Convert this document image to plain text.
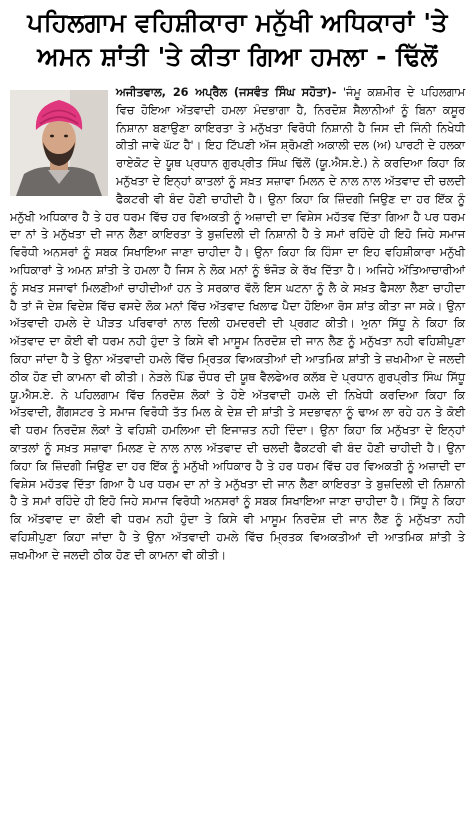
ਪਹਿਲਗਾਮ ਵਹਿਸ਼ੀਕਾਰਾ ਮਨੁੱਖੀ ਅਧਿਕਾਰਾਂ 'ਤੇ
ਅਮਨ ਸ਼ਾਂਤੀ 'ਤੇ ਕੀਤਾ ਗਿਆ ਹਮਲਾ - ਢਿੱਲੋਂ
ਅਜੀਤਵਾਲ, 26 ਅਪ੍ਰੈਲ (ਜਸਵੰਤ ਸਿੰਘ ਸਹੋਤਾ)- 'ਜੰਮੂ ਕਸ਼ਮੀਰ ਦੇ ਪਹਿਲਗਾਮ ਵਿਚ ਹੋਇਆ ਅੱਤਵਾਦੀ ਹਮਲਾ ਮੰਦਭਾਗਾ ਹੈ, ਨਿਰਦੋਸ਼ ਸੈਲਾਨੀਆਂ ਨੂੰ ਬਿਨਾ ਕਸੂਰ ਨਿਸ਼ਾਨਾ ਬਣਾਉਣਾ ਕਾਇਰਤਾ ਤੇ ਮਨੁੱਖਤਾ ਵਿਰੋਧੀ ਨਿਸ਼ਾਨੀ ਹੈ ਜਿਸ ਦੀ ਜਿੰਨੀ ਨਿਖੇਧੀ ਕੀਤੀ ਜਾਵੇ ਘੱਟ ਹੈ'। ਇਹ ਟਿੱਪਣੀ ਅੱਜ ਸ਼੍ਰੋਮਣੀ ਅਕਾਲੀ ਦਲ (ਅ) ਪਾਰਟੀ ਦੇ ਹਲਕਾ ਰਾਏਕੋਟ ਦੇ ਯੂਥ ਪ੍ਰਧਾਨ ਗੁਰਪ੍ਰੀਤ ਸਿੰਘ ਢਿੱਲੋਂ (ਯੂ.ਐਸ.ਏ.) ਨੇ ਕਰਦਿਆ ਕਿਹਾ ਕਿ ਮਨੁੱਖਤਾ ਦੇ ਇਨ੍ਹਾਂ ਕਾਤਲਾਂ ਨੂੰ ਸਖ਼ਤ ਸਜ਼ਾਵਾ ਮਿਲਨ ਦੇ ਨਾਲ ਨਾਲ ਅੱਤਵਾਦ ਦੀ ਚਲਦੀ ਫੈਕਟਰੀ ਵੀ ਬੰਦ ਹੋਣੀ ਚਾਹੀਦੀ ਹੈ। ਉਨਾ ਕਿਹਾ ਕਿ ਜ਼ਿੰਦਗੀ ਜਿਉਣ ਦਾ ਹਰ ਇੱਕ ਨੂੰ ਮਨੁੱਖੀ ਅਧਿਕਾਰ ਹੈ ਤੇ ਹਰ ਧਰਮ ਵਿੱਚ ਹਰ ਵਿਅਕਤੀ ਨੂੰ ਅਜ਼ਾਦੀ ਦਾ ਵਿਸ਼ੇਸ ਮਹੱਤਵ ਦਿੱਤਾ ਗਿਆ ਹੈ ਪਰ ਧਰਮ ਦਾ ਨਾਂ ਤੇ ਮਨੁੱਖਤਾ ਦੀ ਜਾਨ ਲੈਣਾ ਕਾਇਰਤਾ ਤੇ ਬੁਜ਼ਦਿਲੀ ਦੀ ਨਿਸ਼ਾਨੀ ਹੈ ਤੇ ਸਮਾਂ ਰਹਿੰਦੇ ਹੀ ਇਹੋ ਜਿਹੇ ਸਮਾਜ ਵਿਰੋਧੀ ਅਨਸਰਾਂ ਨੂੰ ਸਬਕ ਸਿਖਾਇਆ ਜਾਣਾ ਚਾਹੀਦਾ ਹੈ। ਉਨਾ ਕਿਹਾ ਕਿ ਹਿੰਸਾ ਦਾ ਇਹ ਵਹਿਸ਼ੀਕਾਰਾ ਮਨੁੱਖੀ ਅਧਿਕਾਰਾਂ ਤੇ ਅਮਨ ਸ਼ਾਂਤੀ ਤੇ ਹਮਲਾ ਹੈ ਜਿਸ ਨੇ ਲੋਕ ਮਨਾਂ ਨੂੰ ਝੰਜੋੜ ਕੇ ਰੱਖ ਦਿੱਤਾ ਹੈ। ਅਜਿਹੇ ਅੱਤਿਆਚਾਰੀਆਂ ਨੂੰ ਸਖਤ ਸਜਾਵਾਂ ਮਿਲਣੀਆਂ ਚਾਹੀਦੀਆਂ ਹਨ ਤੇ ਸਰਕਾਰ ਵੱਲੋ ਇਸ ਘਟਨਾ ਨੂੰ ਲੈ ਕੇ ਸਖ਼ਤ ਫੈਸਲਾ ਲੈਣਾ ਚਾਹੀਦਾ ਹੈ ਤਾਂ ਜੋ ਦੇਸ਼ ਵਿਦੇਸ਼ ਵਿੱਚ ਵਸਦੇ ਲੋਕ ਮਨਾਂ ਵਿੱਚ ਅੱਤਵਾਦ ਖਿਲਾਫ ਪੈਦਾ ਹੋਇਆ ਰੋਸ ਸ਼ਾਂਤ ਕੀਤਾ ਜਾ ਸਕੇ। ਉਨਾ ਅੱਤਵਾਦੀ ਹਮਲੇ ਦੇ ਪੀੜਤ ਪਰਿਵਾਰਾਂ ਨਾਲ ਦਿਲੀ ਹਮਦਰਦੀ ਦੀ ਪ੍ਰਗਟ ਕੀਤੀ। ਅੁਨਾ ਸਿੱਧੂ ਨੇ ਕਿਹਾ ਕਿ ਅੱਤਵਾਦ ਦਾ ਕੋਈ ਵੀ ਧਰਮ ਨਹੀ ਹੁੰਦਾ ਤੇ ਕਿਸੇ ਵੀ ਮਾਸੂਮ ਨਿਰਦੋਸ਼ ਦੀ ਜਾਨ ਲੈਣ ਨੂੰ ਮਨੁੱਖਤਾ ਨਹੀ ਵਹਿਸ਼ੀਪੁਣਾ ਕਿਹਾ ਜਾਂਦਾ ਹੈ ਤੇ ਉਨਾ ਅੱਤਵਾਦੀ ਹਮਲੇ ਵਿੱਚ ਮ੍ਰਿਤਕ ਵਿਅਕਤੀਆਂ ਦੀ ਆਤਮਿਕ ਸ਼ਾਂਤੀ ਤੇ ਜ਼ਖਮੀਆ ਦੇ ਜਲਦੀ ਠੀਕ ਹੋਣ ਦੀ ਕਾਮਨਾ ਵੀ ਕੀਤੀ। ਨੇੜਲੇ ਪਿੰਡ ਚੌਧਰ ਦੀ ਯੂਥ ਵੈਲਫੇਅਰ ਕਲੱਬ ਦੇ ਪ੍ਰਧਾਨ ਗੁਰਪ੍ਰੀਤ ਸਿੰਘ ਸਿੱਧੂ ਯੂ.ਐਸ.ਏ. ਨੇ ਪਹਿਲਗਾਮ ਵਿੱਚ ਨਿਰਦੋਸ਼ ਲੋਕਾਂ ਤੇ ਹੋਏ ਅੱਤਵਾਦੀ ਹਮਲੇ ਦੀ ਨਿਖੇਧੀ ਕਰਦਿਆ ਕਿਹਾ ਕਿ ਅੱਤਵਾਦੀ, ਗੈਂਗਸਟਰ ਤੇ ਸਮਾਜ ਵਿਰੋਧੀ ਤੱਤ ਮਿਲ ਕੇ ਦੇਸ਼ ਦੀ ਸ਼ਾਂਤੀ ਤੇ ਸਦਭਾਵਨਾ ਨੂੰ ਢਾਅ ਲਾ ਰਹੇ ਹਨ ਤੇ ਕੋਈ ਵੀ ਧਰਮ ਨਿਰਦੋਸ਼ ਲੋਕਾਂ ਤੇ ਵਹਿਸ਼ੀ ਹਮਲਿਆ ਦੀ ਇਜਾਜ਼ਤ ਨਹੀ ਦਿੰਦਾ। ਉਨਾ ਕਿਹਾ ਕਿ ਮਨੁੱਖਤਾ ਦੇ ਇਨ੍ਹਾਂ ਕਾਤਲਾਂ ਨੂੰ ਸਖ਼ਤ ਸਜ਼ਾਵਾ ਮਿਲਣ ਦੇ ਨਾਲ ਨਾਲ ਅੱਤਵਾਦ ਦੀ ਚਲਦੀ ਫੈਕਟਰੀ ਵੀ ਬੰਦ ਹੋਣੀ ਚਾਹੀਦੀ ਹੈ। ਉਨਾ ਕਿਹਾ ਕਿ ਜ਼ਿੰਦਗੀ ਜਿਉਣ ਦਾ ਹਰ ਇੱਕ ਨੂੰ ਮਨੁੱਖੀ ਅਧਿਕਾਰ ਹੈ ਤੇ ਹਰ ਧਰਮ ਵਿੱਚ ਹਰ ਵਿਅਕਤੀ ਨੂੰ ਅਜ਼ਾਦੀ ਦਾ ਵਿਸ਼ੇਸ ਮਹੱਤਵ ਦਿੱਤਾ ਗਿਆ ਹੈ ਪਰ ਧਰਮ ਦਾ ਨਾਂ ਤੇ ਮਨੁੱਖਤਾ ਦੀ ਜਾਨ ਲੈਣਾ ਕਾਇਰਤਾ ਤੇ ਬੁਜ਼ਦਿਲੀ ਦੀ ਨਿਸ਼ਾਨੀ ਹੈ ਤੇ ਸਮਾਂ ਰਹਿੰਦੇ ਹੀ ਇਹੋ ਜਿਹੇ ਸਮਾਜ ਵਿਰੋਧੀ ਅਨਸਰਾਂ ਨੂੰ ਸਬਕ ਸਿਖਾਇਆ ਜਾਣਾ ਚਾਹੀਦਾ ਹੈ। ਸਿੱਧੂ ਨੇ ਕਿਹਾ ਕਿ ਅੱਤਵਾਦ ਦਾ ਕੋਈ ਵੀ ਧਰਮ ਨਹੀ ਹੁੰਦਾ ਤੇ ਕਿਸੇ ਵੀ ਮਾਸੂਮ ਨਿਰਦੋਸ਼ ਦੀ ਜਾਨ ਲੈਣ ਨੂੰ ਮਨੁੱਖਤਾ ਨਹੀ ਵਹਿਸ਼ੀਪੁਣਾ ਕਿਹਾ ਜਾਂਦਾ ਹੈ ਤੇ ਉਨਾ ਅੱਤਵਾਦੀ ਹਮਲੇ ਵਿੱਚ ਮ੍ਰਿਤਕ ਵਿਅਕਤੀਆਂ ਦੀ ਆਤਮਿਕ ਸ਼ਾਂਤੀ ਤੇ ਜ਼ਖਮੀਆ ਦੇ ਜਲਦੀ ਠੀਕ ਹੋਣ ਦੀ ਕਾਮਨਾ ਵੀ ਕੀਤੀ।
